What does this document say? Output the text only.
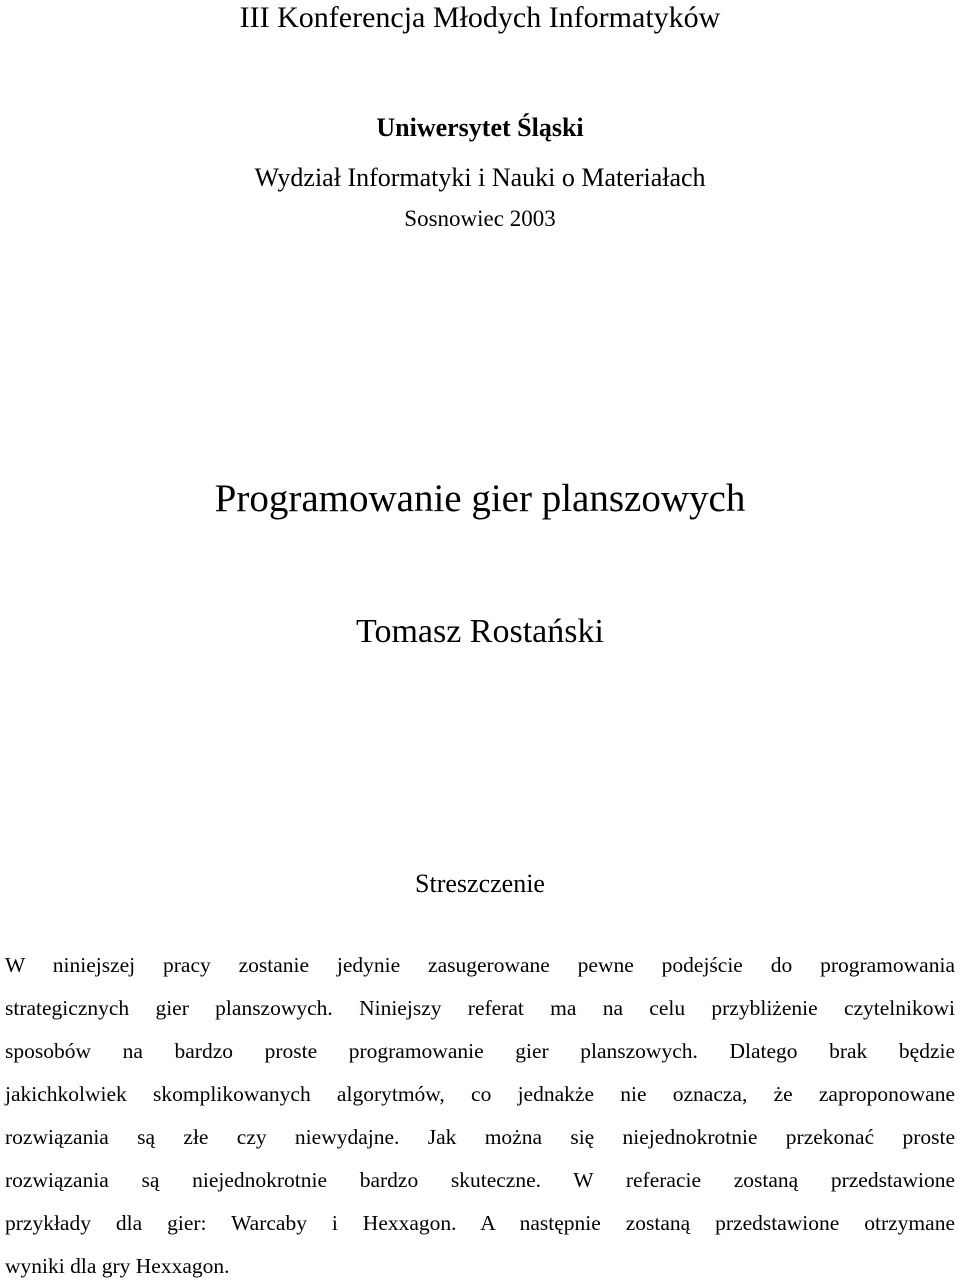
III Konferencja Młodych Informatyków
Uniwersytet Śląski
Wydział Informatyki i Nauki o Materiałach
Sosnowiec 2003
Programowanie gier planszowych
Tomasz Rostański
Streszczenie
W niniejszej pracy zostanie jedynie zasugerowane pewne podejście do programowania
strategicznych gier planszowych. Niniejszy referat ma na celu przybliżenie czytelnikowi
sposobów na bardzo proste programowanie gier planszowych. Dlatego brak będzie
jakichkolwiek skomplikowanych algorytmów, co jednakże nie oznacza, że zaproponowane
rozwiązania są złe czy niewydajne. Jak można się niejednokrotnie przekonać proste
rozwiązania są niejednokrotnie bardzo skuteczne. W referacie zostaną przedstawione
przykłady dla gier: Warcaby i Hexxagon. A następnie zostaną przedstawione otrzymane
wyniki dla gry Hexxagon.
